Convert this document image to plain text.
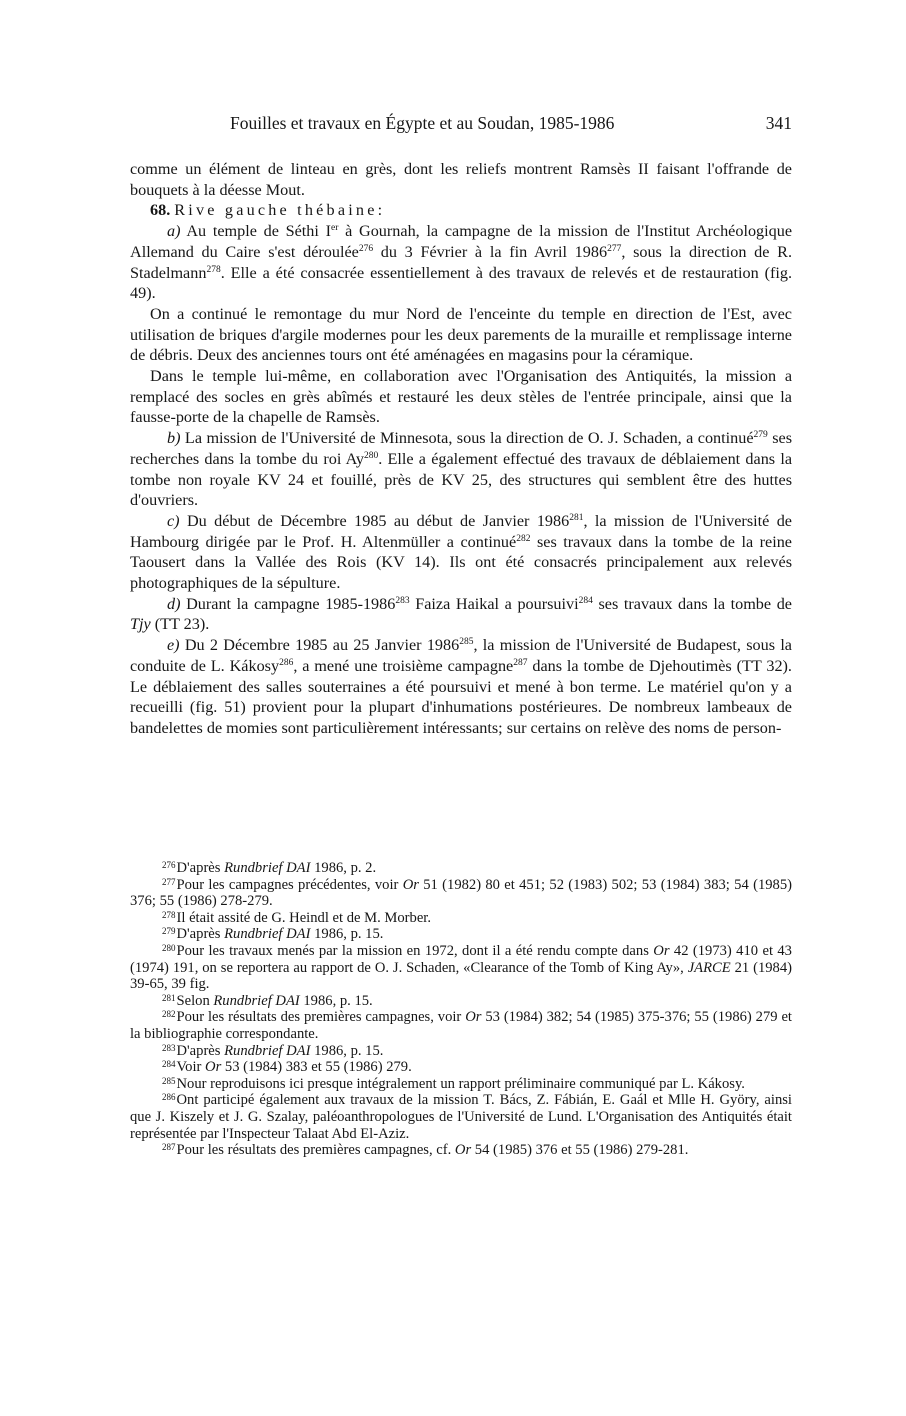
Fouilles et travaux en Égypte et au Soudan, 1985-1986	341

comme un élément de linteau en grès, dont les reliefs montrent Ramsès II faisant l'offrande de bouquets à la déesse Mout.

68. Rive gauche thébaine:

a) Au temple de Séthi Ier à Gournah, la campagne de la mission de l'Institut Archéologique Allemand du Caire s'est déroulée$^{276}$ du 3 Février à la fin Avril 1986$^{277}$, sous la direction de R. Stadelmann$^{278}$. Elle a été consacrée essentiellement à des travaux de relevés et de restauration (fig. 49).

On a continué le remontage du mur Nord de l'enceinte du temple en direction de l'Est, avec utilisation de briques d'argile modernes pour les deux parements de la muraille et remplissage interne de débris. Deux des anciennes tours ont été aménagées en magasins pour la céramique.

Dans le temple lui-même, en collaboration avec l'Organisation des Antiquités, la mission a remplacé des socles en grès abîmés et restauré les deux stèles de l'entrée principale, ainsi que la fausse-porte de la chapelle de Ramsès.

b) La mission de l'Université de Minnesota, sous la direction de O. J. Schaden, a continué$^{279}$ ses recherches dans la tombe du roi Ay$^{280}$. Elle a également effectué des travaux de déblaiement dans la tombe non royale KV 24 et fouillé, près de KV 25, des structures qui semblent être des huttes d'ouvriers.

c) Du début de Décembre 1985 au début de Janvier 1986$^{281}$, la mission de l'Université de Hambourg dirigée par le Prof. H. Altenmüller a continué$^{282}$ ses travaux dans la tombe de la reine Taousert dans la Vallée des Rois (KV 14). Ils ont été consacrés principalement aux relevés photographiques de la sépulture.

d) Durant la campagne 1985-1986$^{283}$ Faiza Haikal a poursuivi$^{284}$ ses travaux dans la tombe de Tjy (TT 23).

e) Du 2 Décembre 1985 au 25 Janvier 1986$^{285}$, la mission de l'Université de Budapest, sous la conduite de L. Kákosy$^{286}$, a mené une troisième campagne$^{287}$ dans la tombe de Djehoutimès (TT 32). Le déblaiement des salles souterraines a été poursuivi et mené à bon terme. Le matériel qu'on y a recueilli (fig. 51) provient pour la plupart d'inhumations postérieures. De nombreux lambeaux de bandelettes de momies sont particulièrement intéressants; sur certains on relève des noms de person-

$^{276}$D'après Rundbrief DAI 1986, p. 2.

$^{277}$Pour les campagnes précédentes, voir Or 51 (1982) 80 et 451; 52 (1983) 502; 53 (1984) 383; 54 (1985) 376; 55 (1986) 278-279.

$^{278}$Il était assité de G. Heindl et de M. Morber.

$^{279}$D'après Rundbrief DAI 1986, p. 15.

$^{280}$Pour les travaux menés par la mission en 1972, dont il a été rendu compte dans Or 42 (1973) 410 et 43 (1974) 191, on se reportera au rapport de O. J. Schaden, «Clearance of the Tomb of King Ay», JARCE 21 (1984) 39-65, 39 fig.

$^{281}$Selon Rundbrief DAI 1986, p. 15.

$^{282}$Pour les résultats des premières campagnes, voir Or 53 (1984) 382; 54 (1985) 375-376; 55 (1986) 279 et la bibliographie correspondante.

$^{283}$D'après Rundbrief DAI 1986, p. 15.

$^{284}$Voir Or 53 (1984) 383 et 55 (1986) 279.

$^{285}$Nour reproduisons ici presque intégralement un rapport préliminaire communiqué par L. Kákosy.

$^{286}$Ont participé également aux travaux de la mission T. Bács, Z. Fábián, E. Gaál et Mlle H. Györy, ainsi que J. Kiszely et J. G. Szalay, paléoanthropologues de l'Université de Lund. L'Organisation des Antiquités était représentée par l'Inspecteur Talaat Abd El-Aziz.

$^{287}$Pour les résultats des premières campagnes, cf. Or 54 (1985) 376 et 55 (1986) 279-281.
